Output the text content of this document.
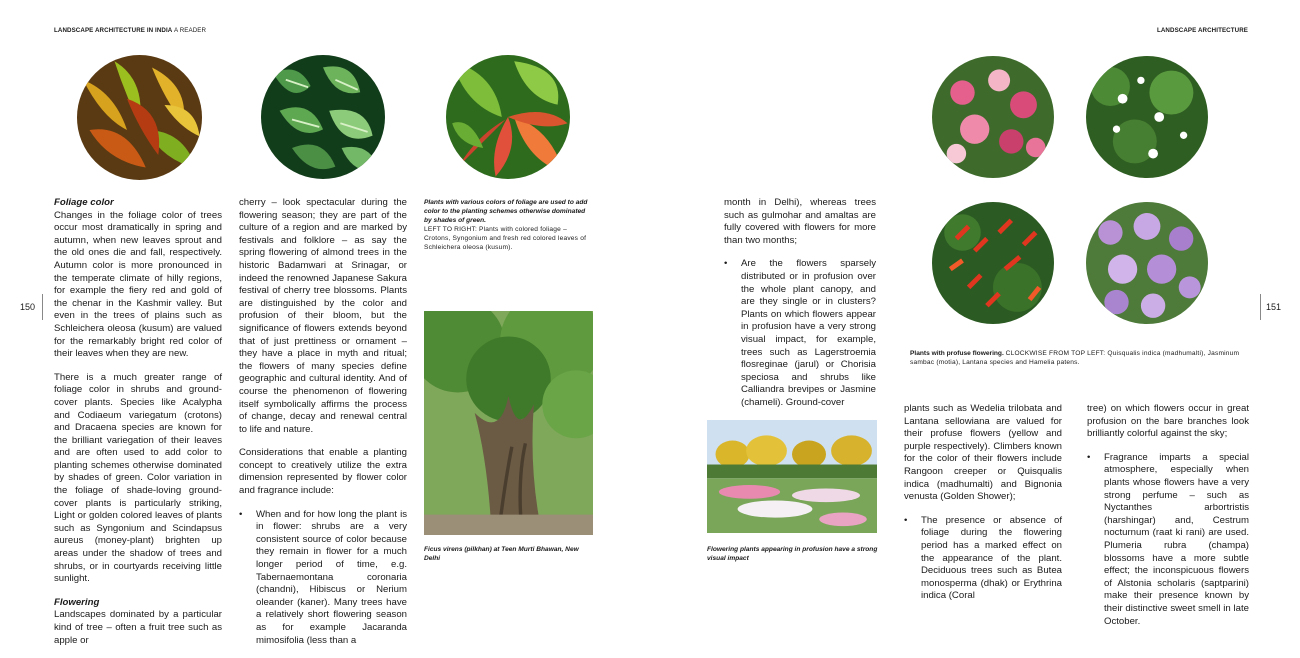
LANDSCAPE ARCHITECTURE IN INDIA A READER	LANDSCAPE ARCHITECTURE
150	151

Foliage color

Changes in the foliage color of trees occur most dramatically in spring and autumn, when new leaves sprout and the old ones die and fall, respectively. Autumn color is more pronounced in the temperate climate of hilly regions, for example the fiery red and gold of the chenar in the Kashmir valley. But even in the trees of plains such as Schleichera oleosa (kusum) are valued for the remarkably bright red color of their leaves when they are new.

There is a much greater range of foliage color in shrubs and ground-cover plants. Species like Acalypha and Codiaeum variegatum (crotons) and Dracaena species are known for the brilliant variegation of their leaves and are often used to add color to planting schemes otherwise dominated by shades of green. Color variation in the foliage of shade-loving ground-cover plants is particularly striking, Light or golden colored leaves of plants such as Syngonium and Scindapsus aureus (money-plant) brighten up areas under the shadow of trees and shrubs, or in courtyards receiving little sunlight.

Flowering

Landscapes dominated by a particular kind of tree – often a fruit tree such as apple or

cherry – look spectacular during the flowering season; they are part of the culture of a region and are marked by festivals and folklore – as say the spring flowering of almond trees in the historic Badamwari at Srinagar, or indeed the renowned Japanese Sakura festival of cherry tree blossoms. Plants are distinguished by the color and profusion of their bloom, but the significance of flowers extends beyond that of just prettiness or ornament – they have a place in myth and ritual; the flowers of many species define geographic and cultural identity. And of course the phenomenon of flowering itself symbolically affirms the process of change, decay and renewal central to life and nature.

Considerations that enable a planting concept to creatively utilize the extra dimension represented by flower color and fragrance include:

• When and for how long the plant is in flower: shrubs are a very consistent source of color because they remain in flower for a much longer period of time, e.g. Tabernaemontana coronaria (chandni), Hibiscus or Nerium oleander (kaner). Many trees have a relatively short flowering season as for example Jacaranda mimosifolia (less than a
Plants with various colors of foliage are used to add color to the planting schemes otherwise dominated by shades of green.
LEFT TO RIGHT: Plants with colored foliage – Crotons, Syngonium and fresh red colored leaves of Schleichera oleosa (kusum).
Ficus virens (pilkhan) at Teen Murti Bhawan, New Delhi

month in Delhi), whereas trees such as gulmohar and amaltas are fully covered with flowers for more than two months;

• Are the flowers sparsely distributed or in profusion over the whole plant canopy, and are they single or in clusters? Plants on which flowers appear in profusion have a very strong visual impact, for example, trees such as Lagerstroemia flosreginae (jarul) or Chorisia speciosa and shrubs like Calliandra brevipes or Jasmine (chameli). Ground-cover
Plants with profuse flowering. CLOCKWISE FROM TOP LEFT: Quisqualis indica (madhumalti), Jasminum sambac (motia), Lantana species and Hamelia patens.
Flowering plants appearing in profusion have a strong visual impact

plants such as Wedelia trilobata and Lantana sellowiana are valued for their profuse flowers (yellow and purple respectively). Climbers known for the color of their flowers include Rangoon creeper or Quisqualis indica (madhumalti) and Bignonia venusta (Golden Shower);

• The presence or absence of foliage during the flowering period has a marked effect on the appearance of the plant. Deciduous trees such as Butea monosperma (dhak) or Erythrina indica (Coral

tree) on which flowers occur in great profusion on the bare branches look brilliantly colorful against the sky;

• Fragrance imparts a special atmosphere, especially when plants whose flowers have a very strong perfume – such as Nyctanthes arbortristis (harshingar) and, Cestrum nocturnum (raat ki rani) are used. Plumeria rubra (champa) blossoms have a more subtle effect; the inconspicuous flowers of Alstonia scholaris (saptparini) make their presence known by their distinctive sweet smell in late October.
